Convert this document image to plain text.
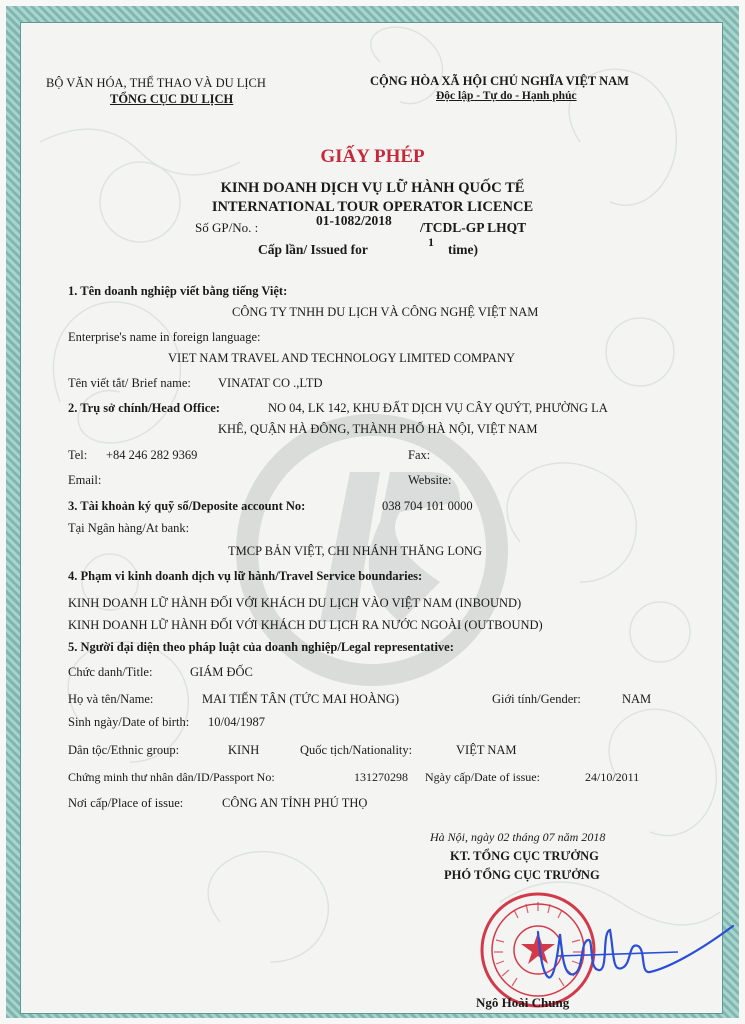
BỘ VĂN HÓA, THỂ THAO VÀ DU LỊCH
TỔNG CỤC DU LỊCH
CỘNG HÒA XÃ HỘI CHỦ NGHĨA VIỆT NAM
Độc lập - Tự do - Hạnh phúc
GIẤY PHÉP
KINH DOANH DỊCH VỤ LỮ HÀNH QUỐC TẾ
INTERNATIONAL TOUR OPERATOR LICENCE
Số GP/No. :	01-1082/2018 /TCDL-GP LHQT
Cấp lần/ Issued for	1 time)
1. Tên doanh nghiệp viết bằng tiếng Việt:
CÔNG TY TNHH DU LỊCH VÀ CÔNG NGHỆ VIỆT NAM
Enterprise's name in foreign language:
VIET NAM TRAVEL AND TECHNOLOGY LIMITED COMPANY
Tên viết tắt/ Brief name: VINATAT CO .,LTD
2. Trụ sở chính/Head Office:	NO 04, LK 142, KHU ĐẤT DỊCH VỤ CÂY QUÝT, PHƯỜNG LA
KHÊ, QUẬN HÀ ĐÔNG, THÀNH PHỐ HÀ NỘI, VIỆT NAM
Tel: +84 246 282 9369	Fax:
Email:	Website:
3. Tài khoản ký quỹ số/Deposite account No:	038 704 101 0000
Tại Ngân hàng/At bank:
TMCP BẢN VIỆT, CHI NHÁNH THĂNG LONG
4. Phạm vi kinh doanh dịch vụ lữ hành/Travel Service boundaries:
KINH DOANH LỮ HÀNH ĐỐI VỚI KHÁCH DU LỊCH VÀO VIỆT NAM (INBOUND)
KINH DOANH LỮ HÀNH ĐỐI VỚI KHÁCH DU LỊCH RA NƯỚC NGOÀI (OUTBOUND)
5. Người đại diện theo pháp luật của doanh nghiệp/Legal representative:
Chức danh/Title:	GIÁM ĐỐC
Họ và tên/Name:	MAI TIẾN TÂN (TỨC MAI HOÀNG)	Giới tính/Gender:	NAM
Sinh ngày/Date of birth: 10/04/1987
Dân tộc/Ethnic group:	KINH	Quốc tịch/Nationality:	VIỆT NAM
Chứng minh thư nhân dân/ID/Passport No:	131270298 Ngày cấp/Date of issue:	24/10/2011
Nơi cấp/Place of issue:	CÔNG AN TỈNH PHÚ THỌ
Hà Nội, ngày 02 tháng 07 năm 2018
KT. TỔNG CỤC TRƯỞNG
PHÓ TỔNG CỤC TRƯỞNG
Ngô Hoài Chung
